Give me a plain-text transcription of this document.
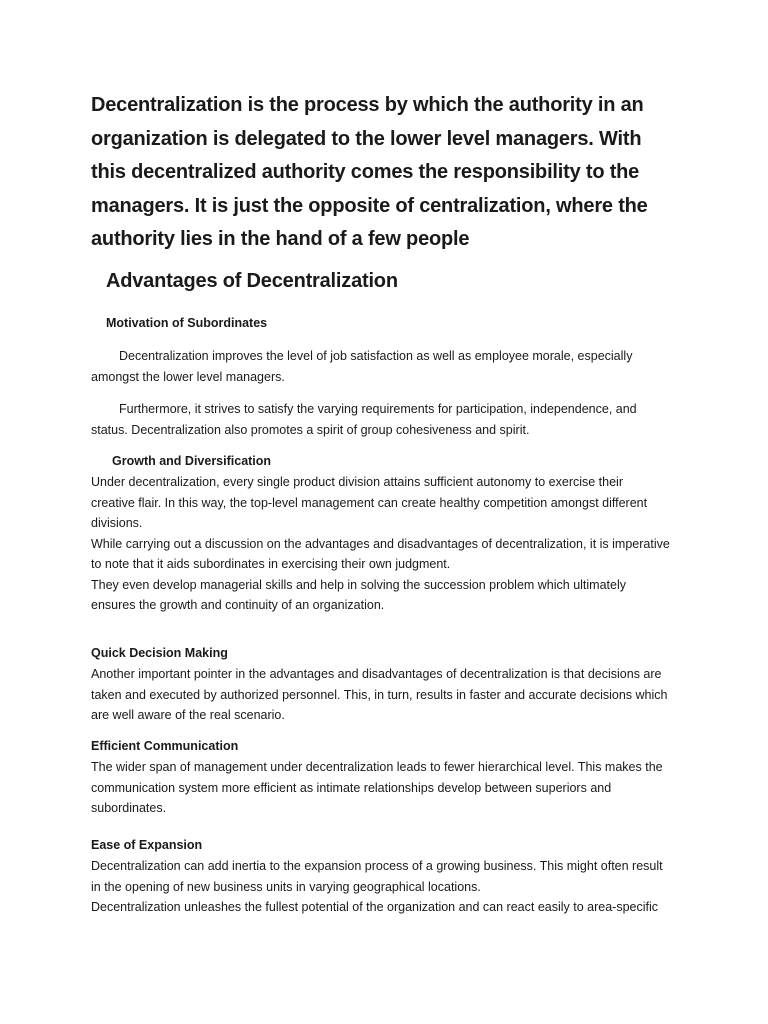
Decentralization is the process by which the authority in an
organization is delegated to the lower level managers. With
this decentralized authority comes the responsibility to the
managers. It is just the opposite of centralization, where the
authority lies in the hand of a few people
Advantages of Decentralization
Motivation of Subordinates
Decentralization improves the level of job satisfaction as well as employee morale, especially
amongst the lower level managers.
Furthermore, it strives to satisfy the varying requirements for participation, independence, and
status. Decentralization also promotes a spirit of group cohesiveness and spirit.
Growth and Diversification
Under decentralization, every single product division attains sufficient autonomy to exercise their
creative flair. In this way, the top-level management can create healthy competition amongst different
divisions.
While carrying out a discussion on the advantages and disadvantages of decentralization, it is imperative
to note that it aids subordinates in exercising their own judgment.
They even develop managerial skills and help in solving the succession problem which ultimately
ensures the growth and continuity of an organization.
Quick Decision Making
Another important pointer in the advantages and disadvantages of decentralization is that decisions are
taken and executed by authorized personnel. This, in turn, results in faster and accurate decisions which
are well aware of the real scenario.
Efficient Communication
The wider span of management under decentralization leads to fewer hierarchical level. This makes the
communication system more efficient as intimate relationships develop between superiors and
subordinates.
Ease of Expansion
Decentralization can add inertia to the expansion process of a growing business. This might often result
in the opening of new business units in varying geographical locations.
Decentralization unleashes the fullest potential of the organization and can react easily to area-specific
